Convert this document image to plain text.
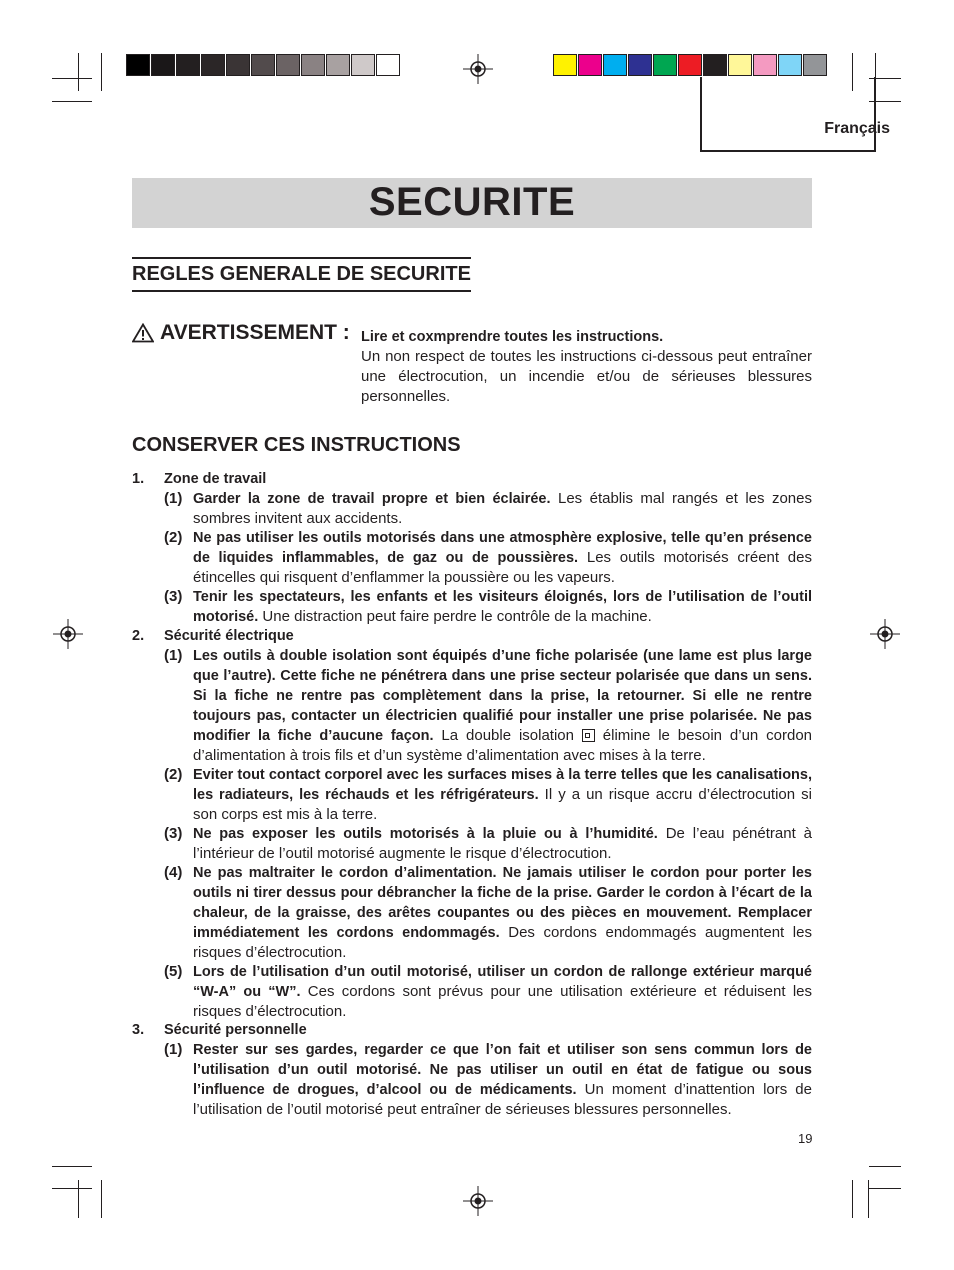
Français
SECURITE
REGLES GENERALE DE SECURITE
AVERTISSEMENT : Lire et coxmprendre toutes les instructions.
Un non respect de toutes les instructions ci-dessous peut entraîner une électrocution, un incendie et/ou de sérieuses blessures personnelles.
CONSERVER CES INSTRUCTIONS
1.	Zone de travail
(1) Garder la zone de travail propre et bien éclairée. Les établis mal rangés et les zones sombres invitent aux accidents.
(2) Ne pas utiliser les outils motorisés dans une atmosphère explosive, telle qu’en présence de liquides inflammables, de gaz ou de poussières. Les outils motorisés créent des étincelles qui risquent d’enflammer la poussière ou les vapeurs.
(3) Tenir les spectateurs, les enfants et les visiteurs éloignés, lors de l’utilisation de l’outil motorisé. Une distraction peut faire perdre le contrôle de la machine.
2.	Sécurité électrique
(1) Les outils à double isolation sont équipés d’une fiche polarisée (une lame est plus large que l’autre). Cette fiche ne pénétrera dans une prise secteur polarisée que dans un sens. Si la fiche ne rentre pas complètement dans la prise, la retourner. Si elle ne rentre toujours pas, contacter un électricien qualifié pour installer une prise polarisée. Ne pas modifier la fiche d’aucune façon. La double isolation  élimine le besoin d’un cordon d’alimentation à trois fils et d’un système d’alimentation avec mises à la terre.
(2) Eviter tout contact corporel avec les surfaces mises à la terre telles que les canalisations, les radiateurs, les réchauds et les réfrigérateurs. Il y a un risque accru d’électrocution si son corps est mis à la terre.
(3) Ne pas exposer les outils motorisés à la pluie ou à l’humidité. De l’eau pénétrant à l’intérieur de l’outil motorisé augmente le risque d’électrocution.
(4) Ne pas maltraiter le cordon d’alimentation. Ne jamais utiliser le cordon pour porter les outils ni tirer dessus pour débrancher la fiche de la prise. Garder le cordon à l’écart de la chaleur, de la graisse, des arêtes coupantes ou des pièces en mouvement. Remplacer immédiatement les cordons endommagés. Des cordons endommagés augmentent les risques d’électrocution.
(5) Lors de l’utilisation d’un outil motorisé, utiliser un cordon de rallonge extérieur marqué “W-A” ou “W”. Ces cordons sont prévus pour une utilisation extérieure et réduisent les risques d’électrocution.
3.	Sécurité personnelle
(1) Rester sur ses gardes, regarder ce que l’on fait et utiliser son sens commun lors de l’utilisation d’un outil motorisé. Ne pas utiliser un outil en état de fatigue ou sous l’influence de drogues, d’alcool ou de médicaments. Un moment d’inattention lors de l’utilisation de l’outil motorisé peut entraîner de sérieuses blessures personnelles.
19
